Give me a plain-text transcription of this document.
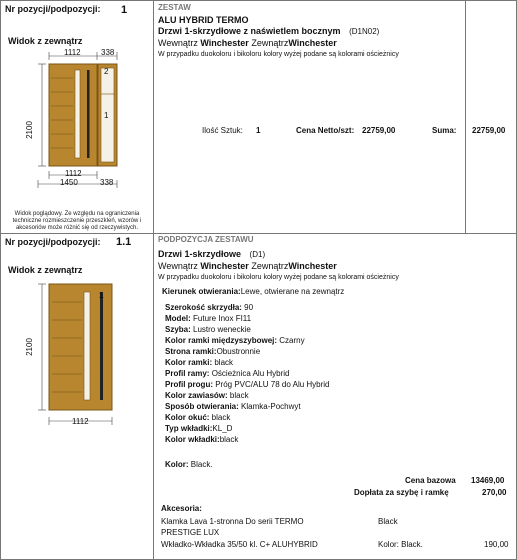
Nr pozycji/podpozycji: 1
Widok z zewnątrz
1112	338
2
1
2100
1112
1450	338
Widok poglądowy. Ze względu na ograniczenia
techniczne rozmieszczenie przeszkleń, wzorów i
akcesoriów może różnić się od rzeczywistych.
ZESTAW
ALU HYBRID TERMO
Drzwi 1-skrzydłowe z naświetlem bocznym (D1N02)
Wewnątrz Winchester ZewnątrzWinchester
W przypadku duokoloru i bikoloru kolory wyżej podane są kolorami ościeżnicy
Ilość Sztuk: 1	Cena Netto/szt: 22759,00	Suma: 22759,00
Nr pozycji/podpozycji: 1.1
Widok z zewnątrz
2100
1
1112
PODPOZYCJA ZESTAWU
Drzwi 1-skrzydłowe (D1)
Wewnątrz Winchester ZewnątrzWinchester
W przypadku duokoloru i bikoloru kolory wyżej podane są kolorami ościeżnicy
Kierunek otwierania:Lewe, otwierane na zewnątrz
Szerokość skrzydła: 90
Model: Future Inox FI11
Szyba: Lustro weneckie
Kolor ramki międzyszybowej: Czarny
Strona ramki:Obustronnie
Kolor ramki: black
Profil ramy: Ościeżnica Alu Hybrid
Profil progu: Próg PVC/ALU 78 do Alu Hybrid
Kolor zawiasów: black
Sposób otwierania: Klamka-Pochwyt
Kolor okuć: black
Typ wkładki:KL_D
Kolor wkładki:black
Kolor: Black.
Cena bazowa 13469,00
Dopłata za szybę i ramkę	270,00
Akcesoria:
Klamka Lava 1-stronna Do serii TERMO
PRESTIGE LUX
Black
Wkładko-Wkładka 35/50 kl. C+ ALUHYBRID	Kolor: Black.	190,00
